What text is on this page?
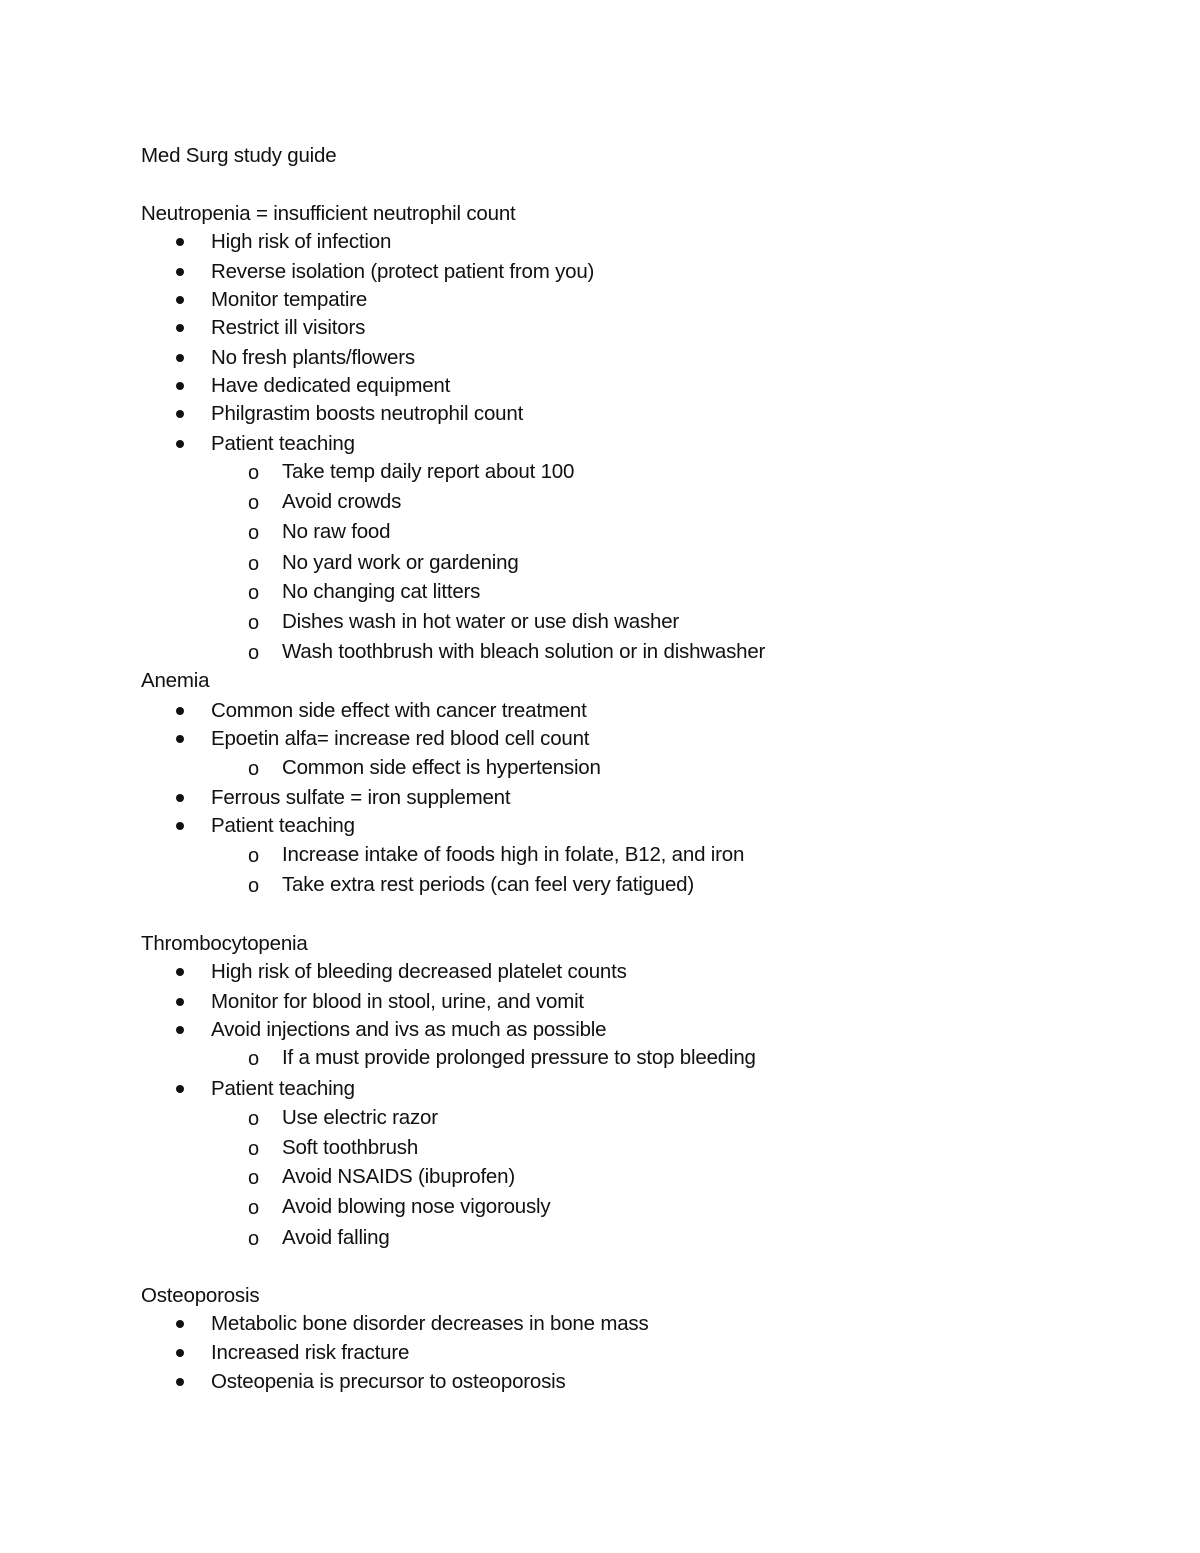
Med Surg study guide
Neutropenia = insufficient neutrophil count
High risk of infection
Reverse isolation (protect patient from you)
Monitor tempatire
Restrict ill visitors
No fresh plants/flowers
Have dedicated equipment
Philgrastim boosts neutrophil count
Patient teaching
o Take temp daily report about 100
o Avoid crowds
o No raw food
o No yard work or gardening
o No changing cat litters
o Dishes wash in hot water or use dish washer
o Wash toothbrush with bleach solution or in dishwasher
Anemia
Common side effect with cancer treatment
Epoetin alfa= increase red blood cell count
o Common side effect is hypertension
Ferrous sulfate = iron supplement
Patient teaching
o Increase intake of foods high in folate, B12, and iron
o Take extra rest periods (can feel very fatigued)
Thrombocytopenia
High risk of bleeding decreased platelet counts
Monitor for blood in stool, urine, and vomit
Avoid injections and ivs as much as possible
o If a must provide prolonged pressure to stop bleeding
Patient teaching
o Use electric razor
o Soft toothbrush
o Avoid NSAIDS (ibuprofen)
o Avoid blowing nose vigorously
o Avoid falling
Osteoporosis
Metabolic bone disorder decreases in bone mass
Increased risk fracture
Osteopenia is precursor to osteoporosis
